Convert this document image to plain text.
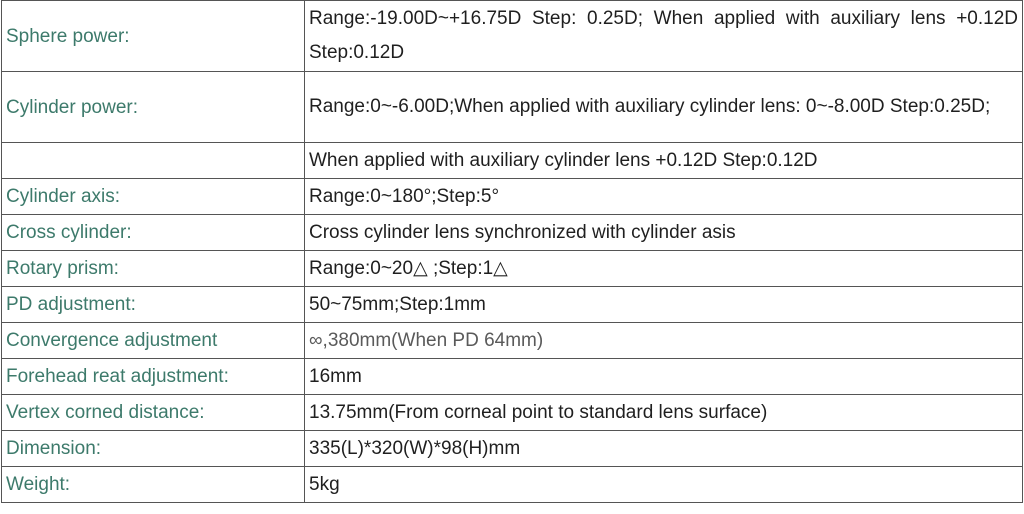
Sphere power:	Range:-19.00D~+16.75D Step: 0.25D; When applied with auxiliary lens +0.12D Step:0.12D
Cylinder power:	Range:0~-6.00D;When applied with auxiliary cylinder lens: 0~-8.00D Step:0.25D;
	When applied with auxiliary cylinder lens +0.12D Step:0.12D
Cylinder axis:	Range:0~180°;Step:5°
Cross cylinder:	Cross cylinder lens synchronized with cylinder asis
Rotary prism:	Range:0~20△ ;Step:1△
PD adjustment:	50~75mm;Step:1mm
Convergence adjustment	∞,380mm(When PD 64mm)
Forehead reat adjustment:	16mm
Vertex corned distance:	13.75mm(From corneal point to standard lens surface)
Dimension:	335(L)*320(W)*98(H)mm
Weight:	5kg
